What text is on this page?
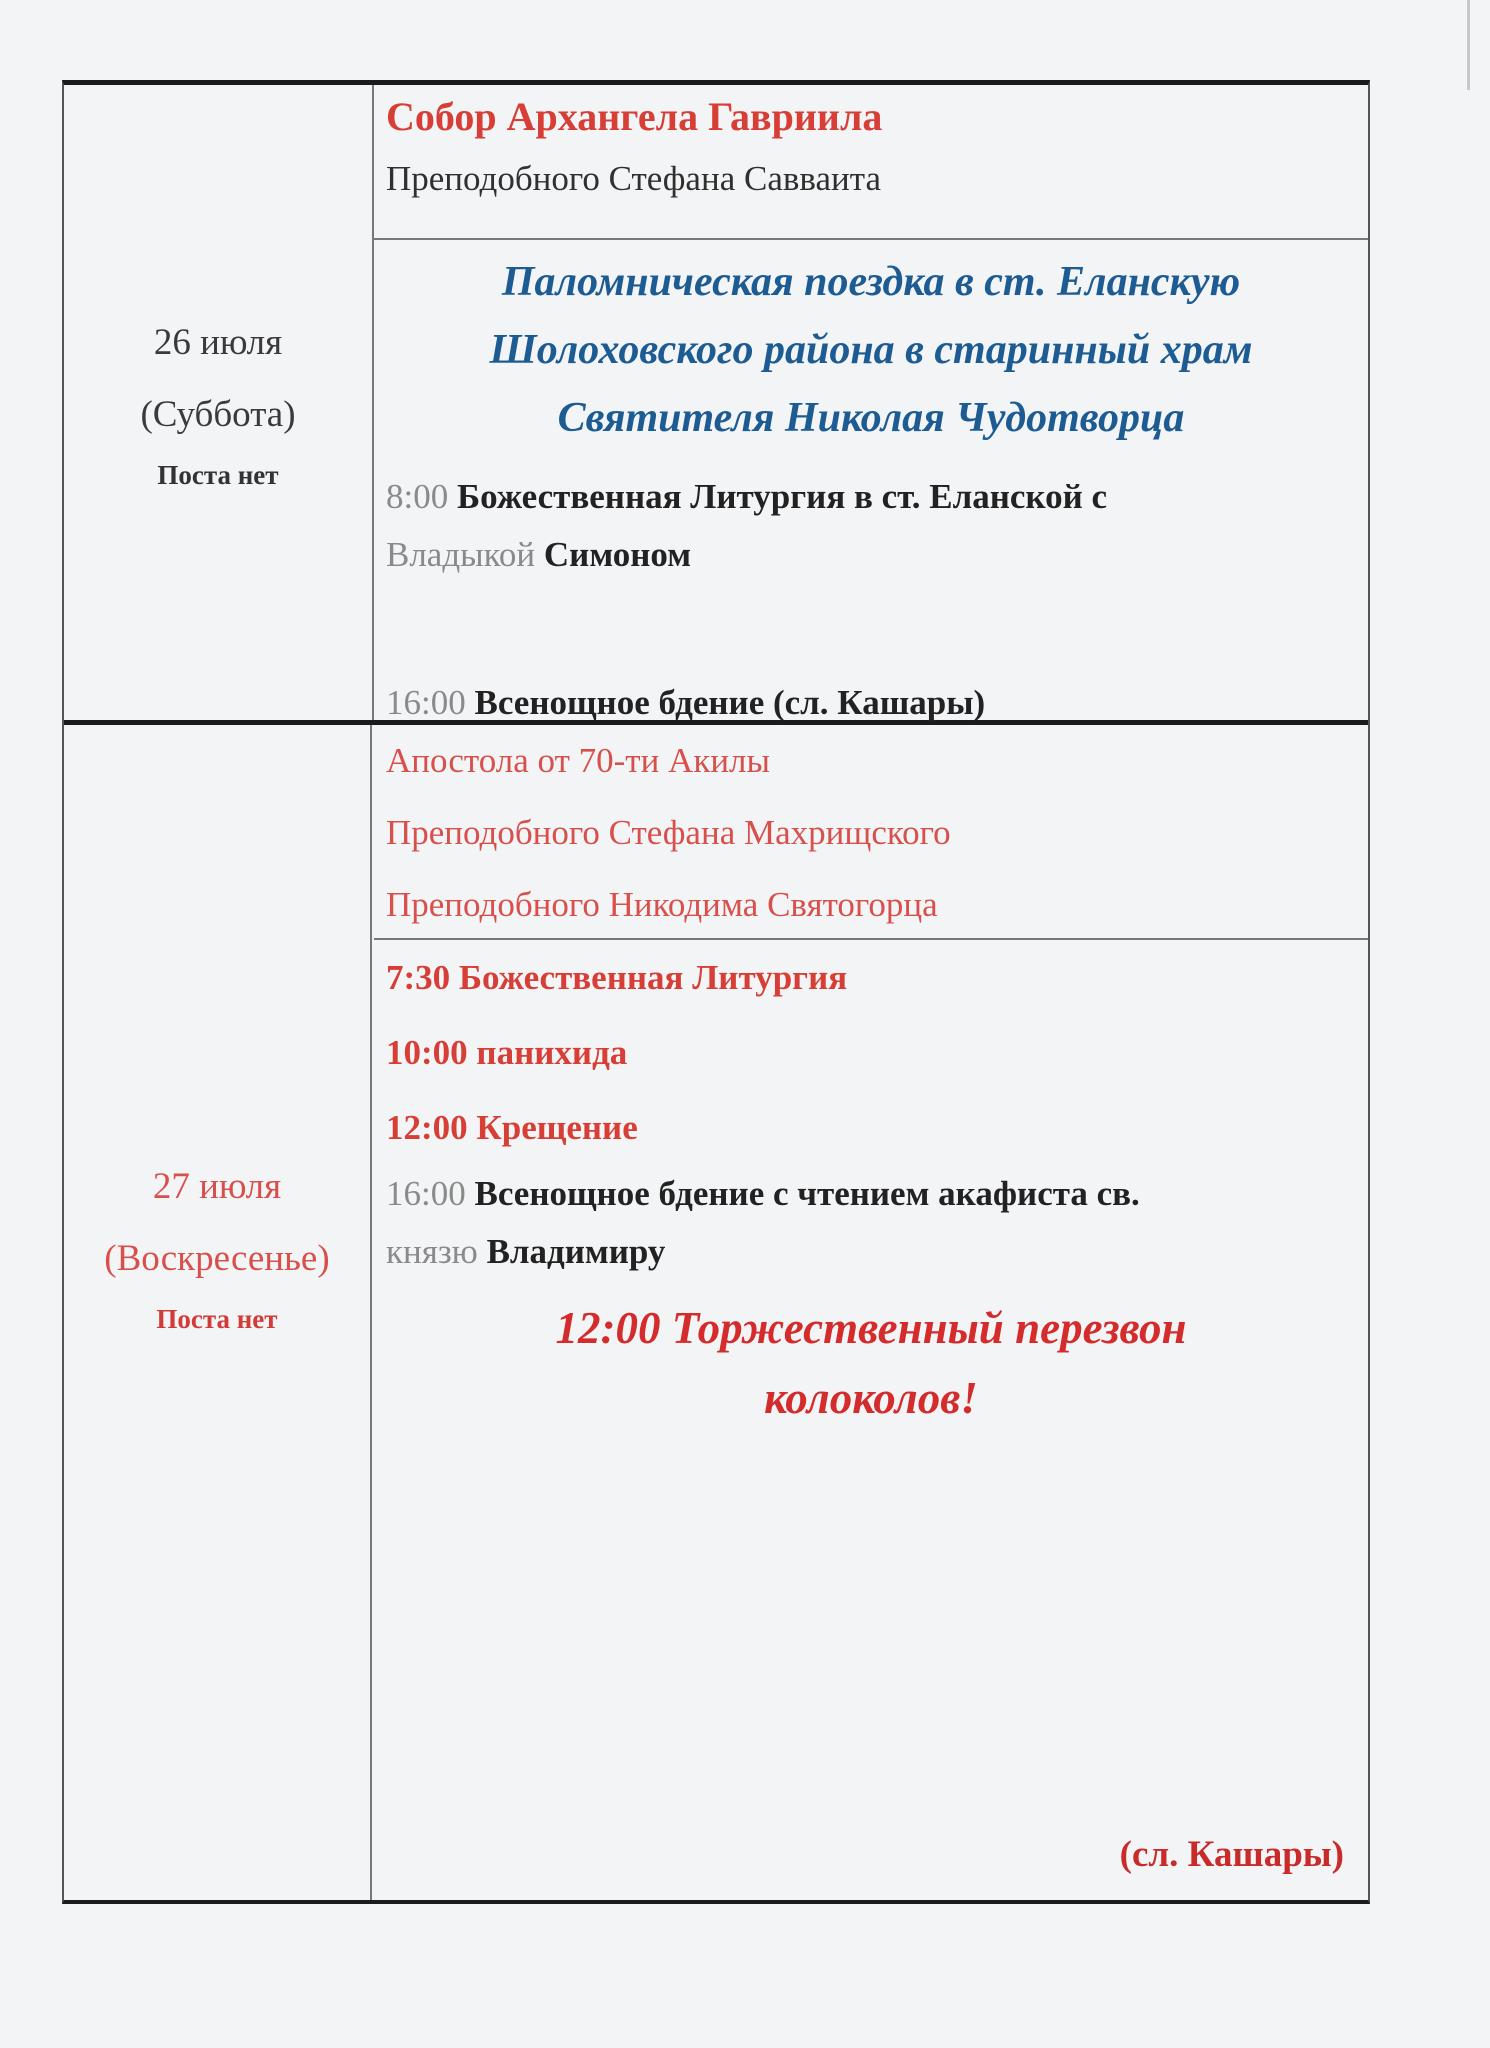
26 июля
(Суббота)
Поста нет
Собор Архангела Гавриила
Преподобного Стефана Савваита
Паломническая поездка в ст. Еланскую
Шолоховского района в старинный храм
Святителя Николая Чудотворца
8:00 Божественная Литургия в ст. Еланской с
Владыкой Симоном
16:00 Всенощное бдение (сл. Кашары)
27 июля
(Воскресенье)
Поста нет
Апостола от 70-ти Акилы
Преподобного Стефана Махрищского
Преподобного Никодима Святогорца
7:30 Божественная Литургия
10:00 панихида
12:00 Крещение
16:00 Всенощное бдение с чтением акафиста св.
князю Владимиру
12:00 Торжественный перезвон
колоколов!
(сл. Кашары)
